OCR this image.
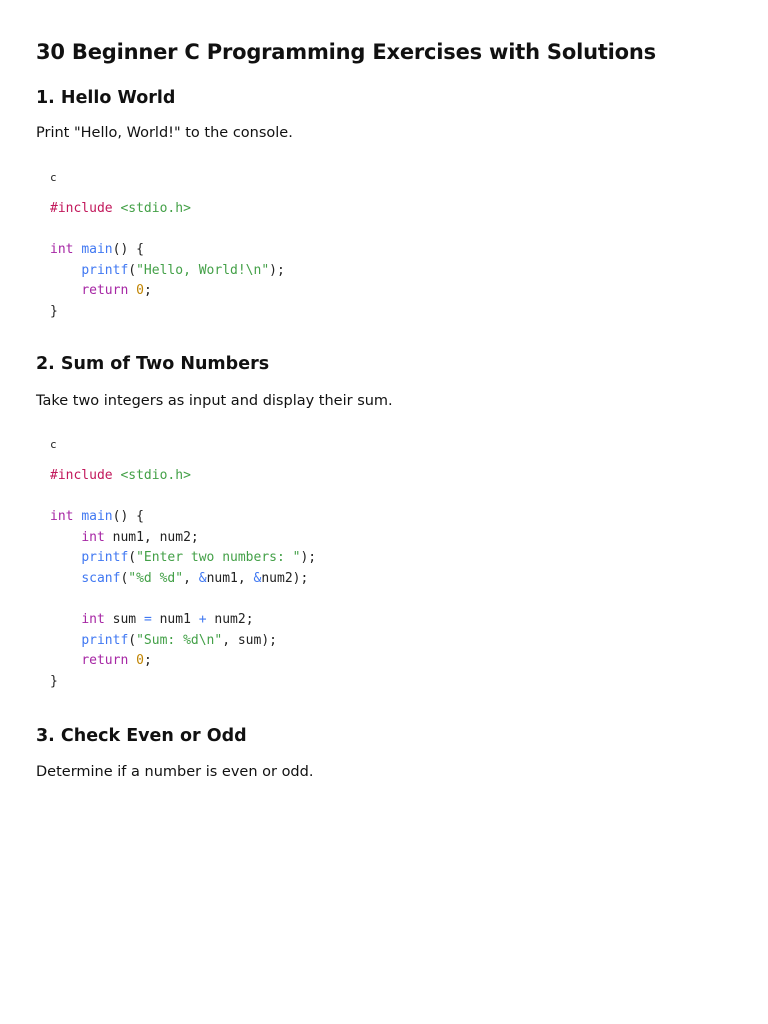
30 Beginner C Programming Exercises with Solutions
1. Hello World

Print "Hello, World!" to the console.

c
#include <stdio.h>
int main() {
printf("Hello, World!\n");
return 0;
}
2. Sum of Two Numbers

Take two integers as input and display their sum.

c
#include <stdio.h>
int main() {
int num1, num2;
printf("Enter two numbers: ");
scanf("%d %d", &num1, &num2);
int sum = num1 + num2;
printf("Sum: %d\n", sum);
return 0;
}
3. Check Even or Odd

Determine if a number is even or odd.
